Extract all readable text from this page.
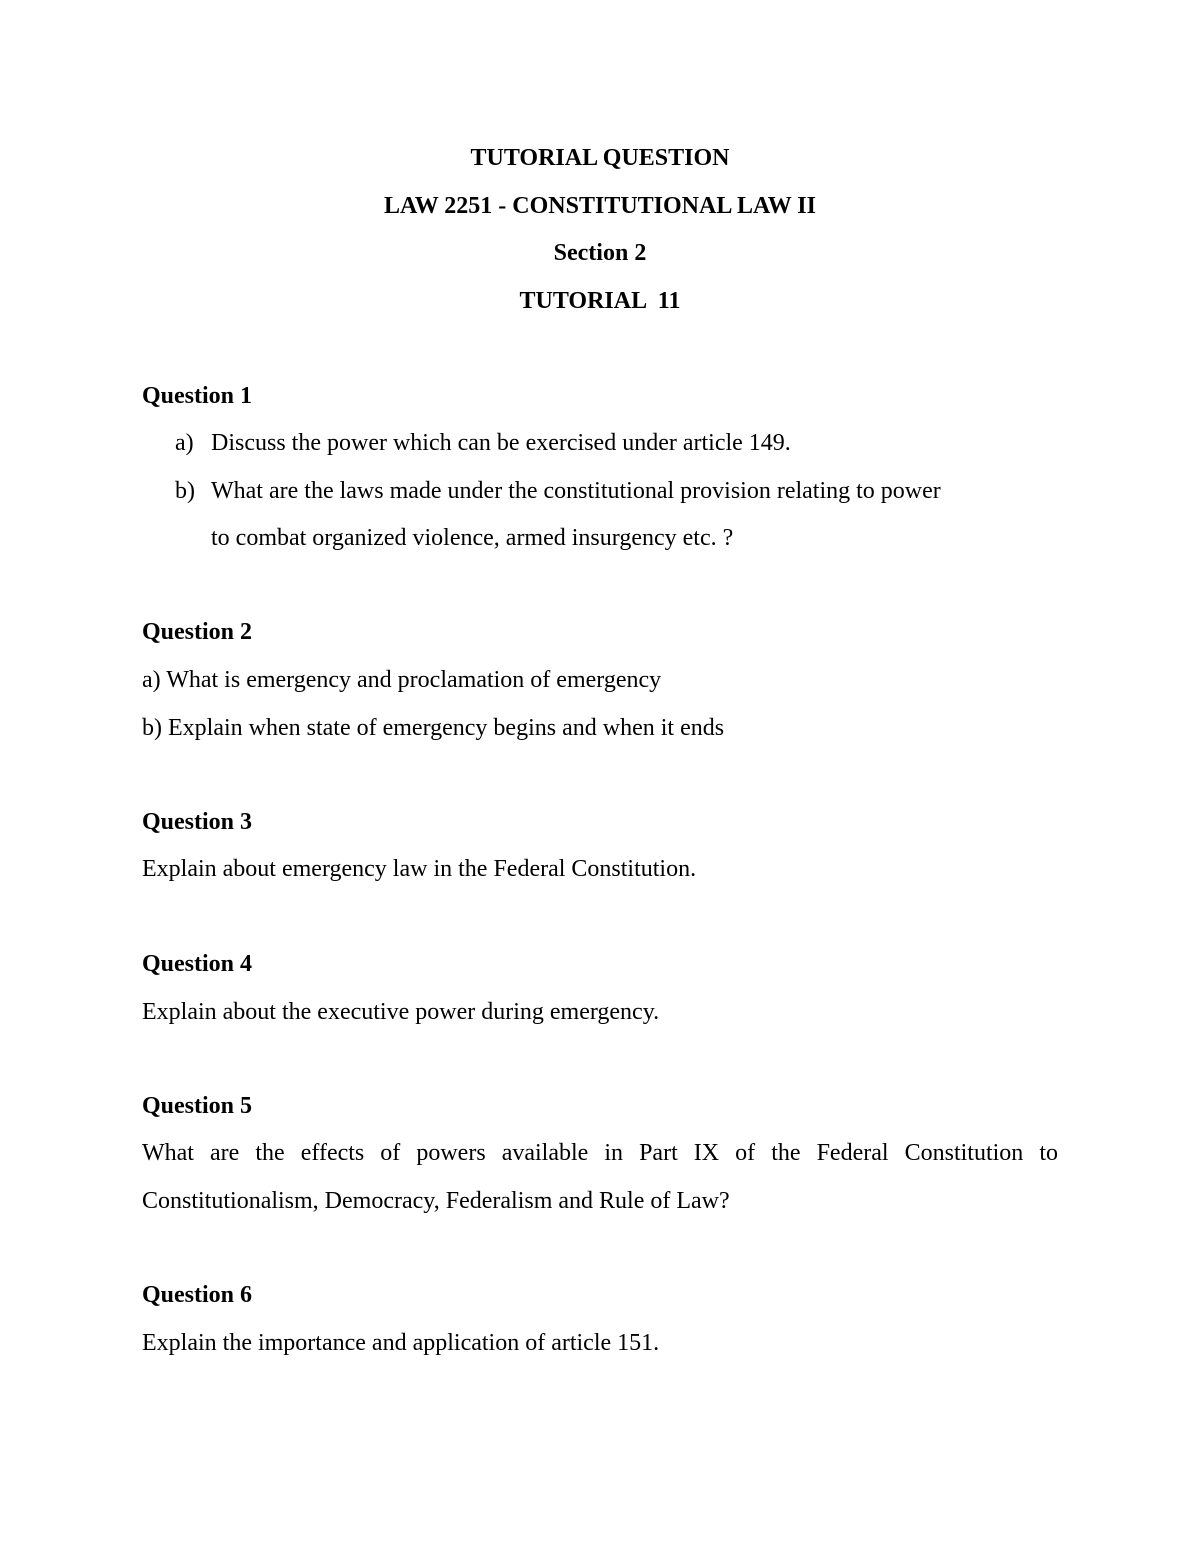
TUTORIAL QUESTION
LAW 2251 - CONSTITUTIONAL LAW II
Section 2
TUTORIAL  11
Question 1
a) Discuss the power which can be exercised under article 149.
b) What are the laws made under the constitutional provision relating to power
to combat organized violence, armed insurgency etc. ?
Question 2
a) What is emergency and proclamation of emergency
b) Explain when state of emergency begins and when it ends
Question 3
Explain about emergency law in the Federal Constitution.
Question 4
Explain about the executive power during emergency.
Question 5
What are the effects of powers available in Part IX of the Federal Constitution to
Constitutionalism, Democracy, Federalism and Rule of Law?
Question 6
Explain the importance and application of article 151.
